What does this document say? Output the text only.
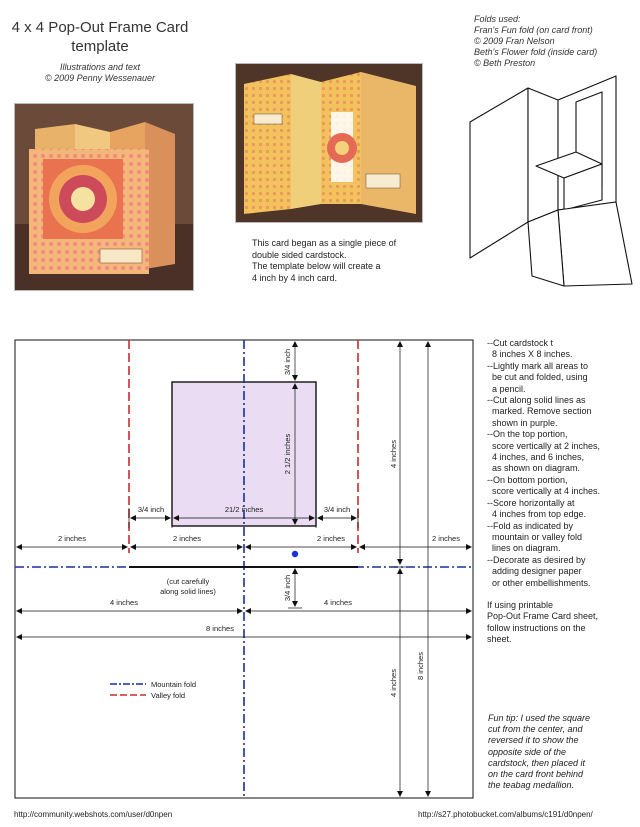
4 x 4 Pop-Out Frame Card
template
Illustrations and text
© 2009 Penny Wessenauer
Folds used:
Fran's Fun fold (on card front)
© 2009 Fran Nelson
Beth's Flower fold (inside card)
© Beth Preston
This card began as a single piece of
double sided cardstock.
The template below will create a
4 inch by 4 inch card.
3/4 inch
2 1/2 inches	4 inches
3/4 inch	21/2 inches	3/4 inch
2 inches	2 inches	2 inches	2 inches
(cut carefully
along solid lines)	3/4 inch
4 inches	4 inches
8 inches
4 inches
8 inches
Mountain fold
Valley fold
--Cut cardstock t
8 inches X 8 inches.
--Lightly mark all areas to
be cut and folded, using
a pencil.
--Cut along solid lines as
marked. Remove section
shown in purple.
--On the top portion,
score vertically at 2 inches,
4 inches, and 6 inches,
as shown on diagram.
--On bottom portion,
score vertically at 4 inches.
--Score horizontally at
4 inches from top edge.
--Fold as indicated by
mountain or valley fold
lines on diagram.
--Decorate as desired by
adding designer paper
or other embellishments.
If using printable
Pop-Out Frame Card sheet,
follow instructions on the
sheet.
Fun tip: I used the square
cut from the center, and
reversed it to show the
opposite side of the
cardstock, then placed it
on the card front behind
the teabag medallion.
http://community.webshots.com/user/d0npen	http://s27.photobucket.com/albums/c191/d0npen/
